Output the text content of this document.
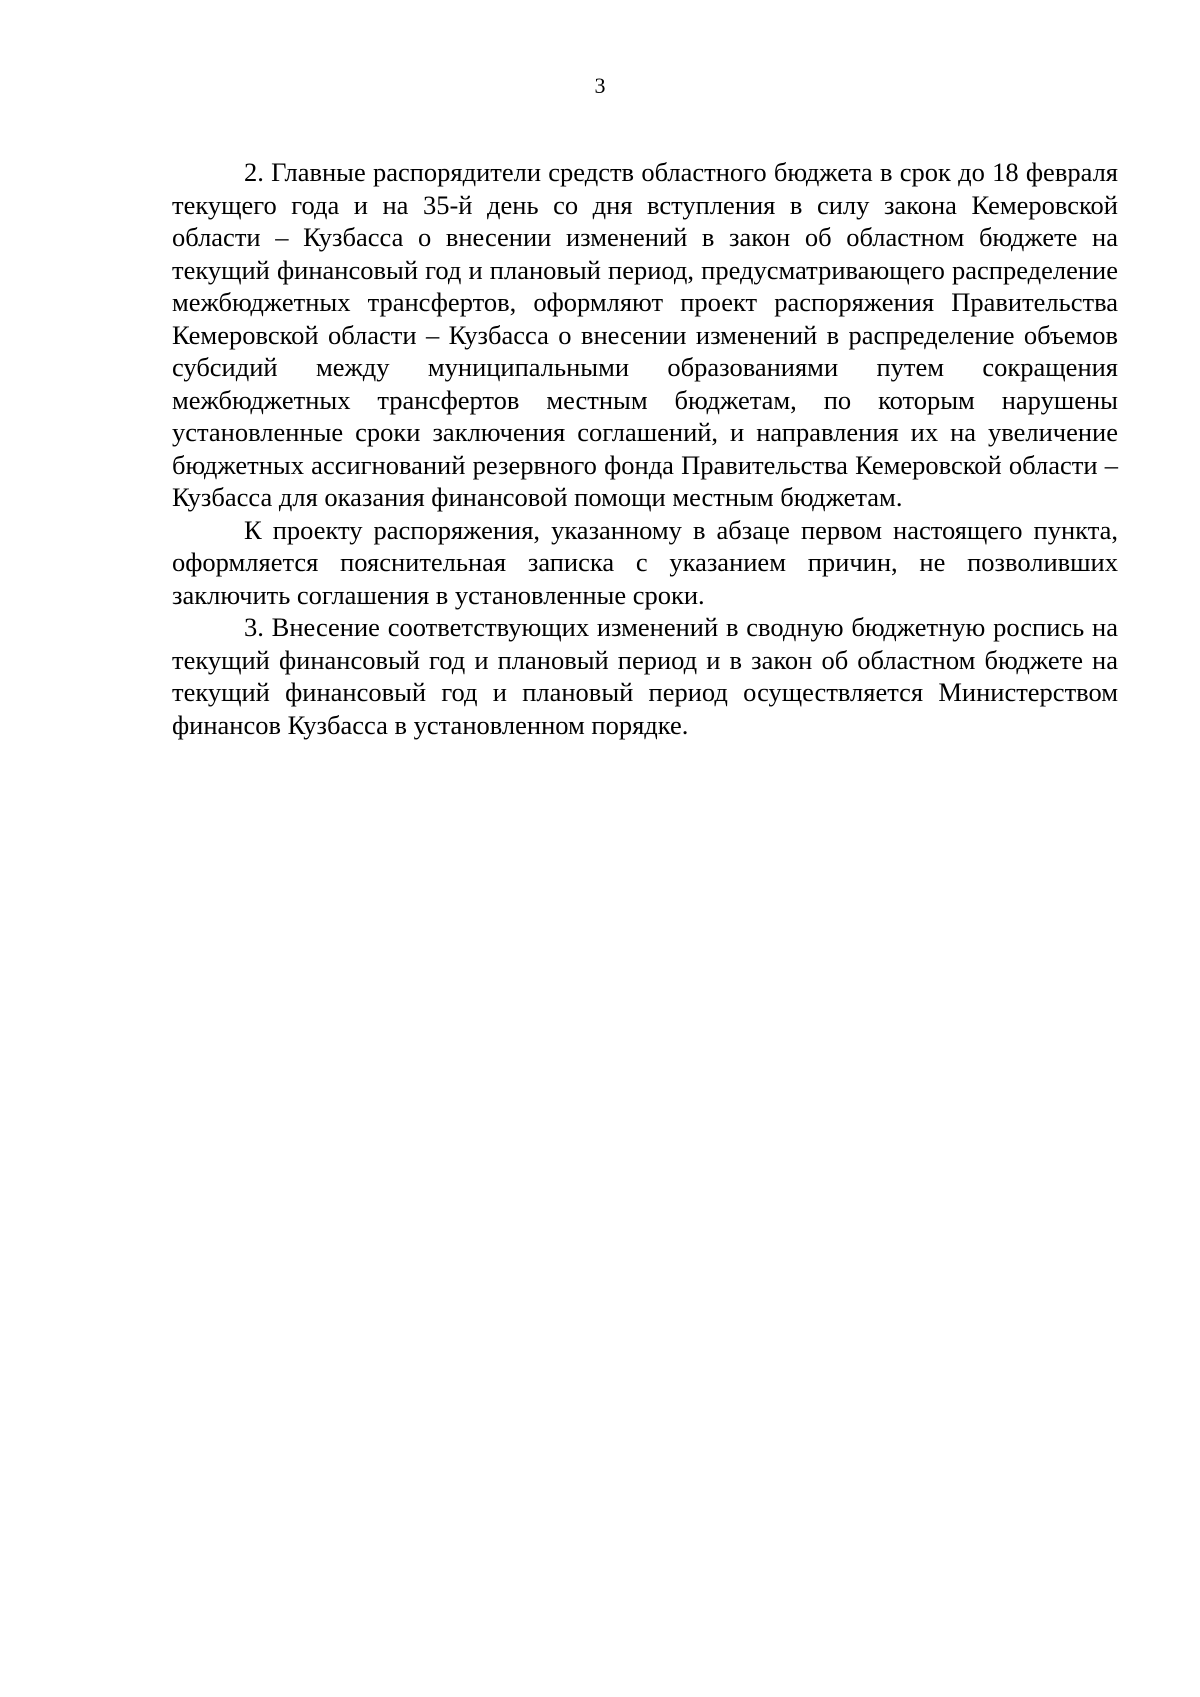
3

2. Главные распорядители средств областного бюджета в срок до 18 февраля текущего года и на 35-й день со дня вступления в силу закона Кемеровской области – Кузбасса о внесении изменений в закон об областном бюджете на текущий финансовый год и плановый период, предусматривающего распределение межбюджетных трансфертов, оформляют проект распоряжения Правительства Кемеровской области – Кузбасса о внесении изменений в распределение объемов субсидий между муниципальными образованиями путем сокращения межбюджетных трансфертов местным бюджетам, по которым нарушены установленные сроки заключения соглашений, и направления их на увеличение бюджетных ассигнований резервного фонда Правительства Кемеровской области – Кузбасса для оказания финансовой помощи местным бюджетам.

К проекту распоряжения, указанному в абзаце первом настоящего пункта, оформляется пояснительная записка с указанием причин, не позволивших заключить соглашения в установленные сроки.

3. Внесение соответствующих изменений в сводную бюджетную роспись на текущий финансовый год и плановый период и в закон об областном бюджете на текущий финансовый год и плановый период осуществляется Министерством финансов Кузбасса в установленном порядке.
